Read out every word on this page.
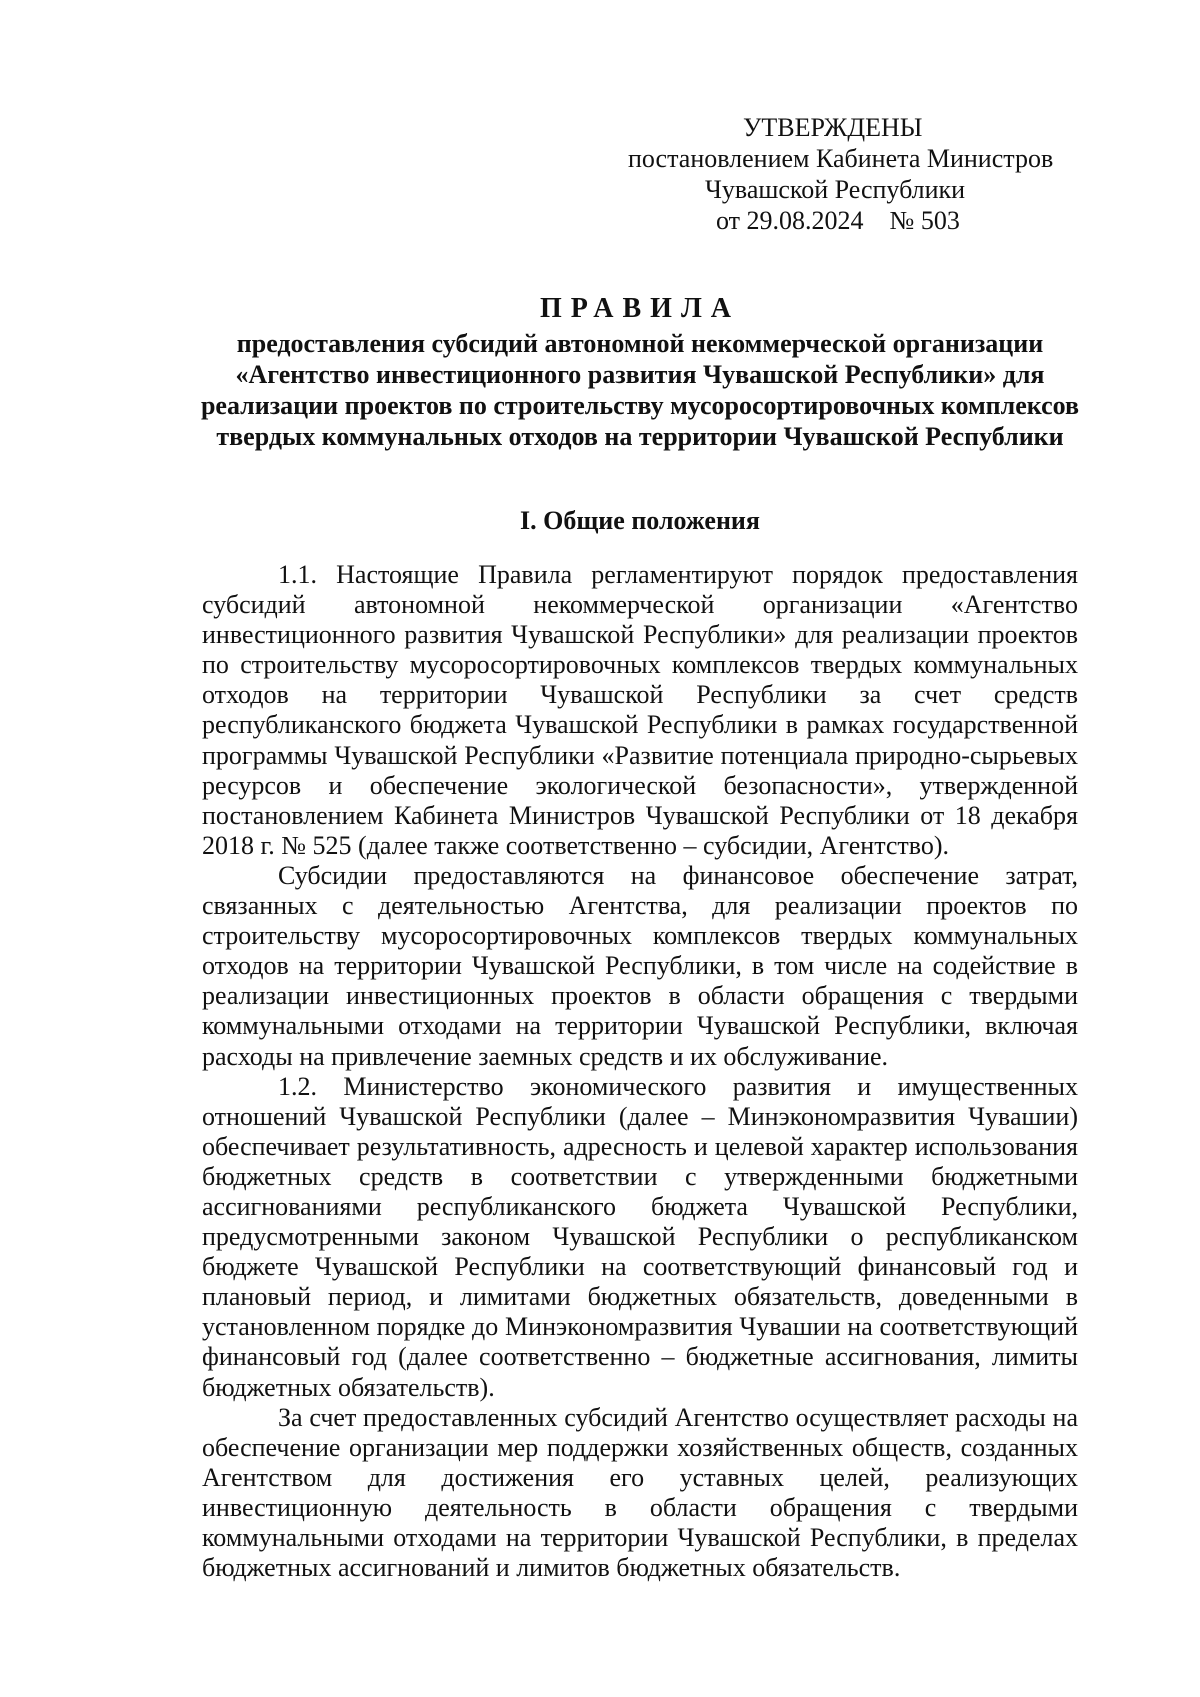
УТВЕРЖДЕНЫ
постановлением Кабинета Министров
Чувашской Республики
от 29.08.2024    № 503
ПРАВИЛА
предоставления субсидий автономной некоммерческой организации «Агентство инвестиционного развития Чувашской Республики» для реализации проектов по строительству мусоросортировочных комплексов твердых коммунальных отходов на территории Чувашской Республики
I. Общие положения

1.1. Настоящие Правила регламентируют порядок предоставления субсидий автономной некоммерческой организации «Агентство инвестиционного развития Чувашской Республики» для реализации проектов по строительству мусоросортировочных комплексов твердых коммунальных отходов на территории Чувашской Республики за счет средств республиканского бюджета Чувашской Республики в рамках государственной программы Чувашской Республики «Развитие потенциала природно-сырьевых ресурсов и обеспечение экологической безопасности», утвержденной постановлением Кабинета Министров Чувашской Республики от 18 декабря 2018 г. № 525 (далее также соответственно – субсидии, Агентство).

Субсидии предоставляются на финансовое обеспечение затрат, связанных с деятельностью Агентства, для реализации проектов по строительству мусоросортировочных комплексов твердых коммунальных отходов на территории Чувашской Республики, в том числе на содействие в реализации инвестиционных проектов в области обращения с твердыми коммунальными отходами на территории Чувашской Республики, включая расходы на привлечение заемных средств и их обслуживание.

1.2. Министерство экономического развития и имущественных отношений Чувашской Республики (далее – Минэкономразвития Чувашии) обеспечивает результативность, адресность и целевой характер использования бюджетных средств в соответствии с утвержденными бюджетными ассигнованиями республиканского бюджета Чувашской Республики, предусмотренными законом Чувашской Республики о республиканском бюджете Чувашской Республики на соответствующий финансовый год и плановый период, и лимитами бюджетных обязательств, доведенными в установленном порядке до Минэкономразвития Чувашии на соответствующий финансовый год (далее соответственно – бюджетные ассигнования, лимиты бюджетных обязательств).

За счет предоставленных субсидий Агентство осуществляет расходы на обеспечение организации мер поддержки хозяйственных обществ, созданных Агентством для достижения его уставных целей, реализующих инвестиционную деятельность в области обращения с твердыми коммунальными отходами на территории Чувашской Республики, в пределах бюджетных ассигнований и лимитов бюджетных обязательств.
